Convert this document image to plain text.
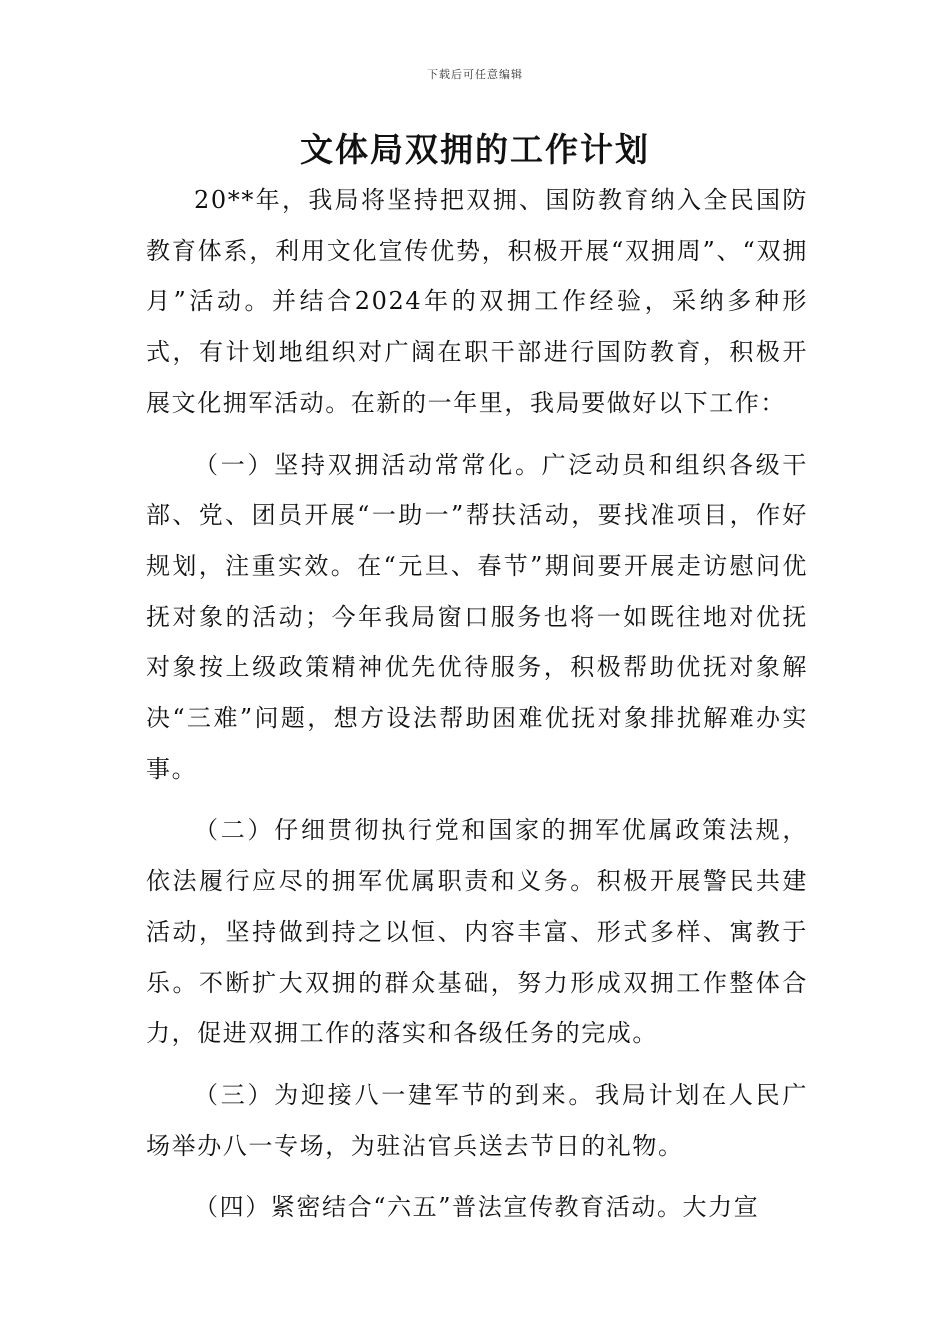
下载后可任意编辑
文体局双拥的工作计划

20**年，我局将坚持把双拥、国防教育纳入全民国防教育体系，利用文化宣传优势，积极开展“双拥周”、“双拥月”活动。并结合2024年的双拥工作经验，采纳多种形式，有计划地组织对广阔在职干部进行国防教育，积极开展文化拥军活动。在新的一年里，我局要做好以下工作：

（一）坚持双拥活动常常化。广泛动员和组织各级干部、党、团员开展“一助一”帮扶活动，要找准项目，作好规划，注重实效。在“元旦、春节”期间要开展走访慰问优抚对象的活动；今年我局窗口服务也将一如既往地对优抚对象按上级政策精神优先优待服务，积极帮助优抚对象解决“三难”问题，想方设法帮助困难优抚对象排扰解难办实事。

（二）仔细贯彻执行党和国家的拥军优属政策法规，依法履行应尽的拥军优属职责和义务。积极开展警民共建活动，坚持做到持之以恒、内容丰富、形式多样、寓教于乐。不断扩大双拥的群众基础，努力形成双拥工作整体合力，促进双拥工作的落实和各级任务的完成。

（三）为迎接八一建军节的到来。我局计划在人民广场举办八一专场，为驻沾官兵送去节日的礼物。

（四）紧密结合“六五”普法宣传教育活动。大力宣
